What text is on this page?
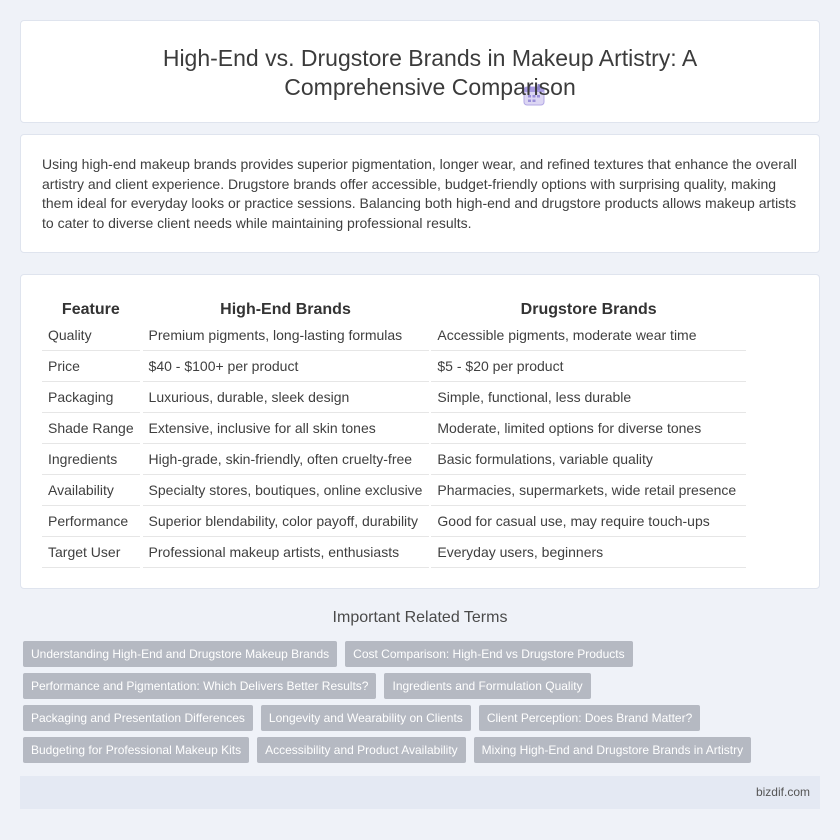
High-End vs. Drugstore Brands in Makeup Artistry: A Comprehensive Comparison

Using high-end makeup brands provides superior pigmentation, longer wear, and refined textures that enhance the overall artistry and client experience. Drugstore brands offer accessible, budget-friendly options with surprising quality, making them ideal for everyday looks or practice sessions. Balancing both high-end and drugstore products allows makeup artists to cater to diverse client needs while maintaining professional results.

Feature		High-End Brands		Drugstore Brands
Quality		Premium pigments, long-lasting formulas		Accessible pigments, moderate wear time
Price		$40 - $100+ per product		$5 - $20 per product
Packaging		Luxurious, durable, sleek design		Simple, functional, less durable
Shade Range		Extensive, inclusive for all skin tones		Moderate, limited options for diverse tones
Ingredients		High-grade, skin-friendly, often cruelty-free		Basic formulations, variable quality
Availability		Specialty stores, boutiques, online exclusive		Pharmacies, supermarkets, wide retail presence
Performance		Superior blendability, color payoff, durability		Good for casual use, may require touch-ups
Target User		Professional makeup artists, enthusiasts		Everyday users, beginners
Important Related Terms
Understanding High-End and Drugstore Makeup Brands	Cost Comparison: High-End vs Drugstore Products
Performance and Pigmentation: Which Delivers Better Results?	Ingredients and Formulation Quality
Packaging and Presentation Differences	Longevity and Wearability on Clients	Client Perception: Does Brand Matter?
Budgeting for Professional Makeup Kits	Accessibility and Product Availability	Mixing High-End and Drugstore Brands in Artistry
bizdif.com
